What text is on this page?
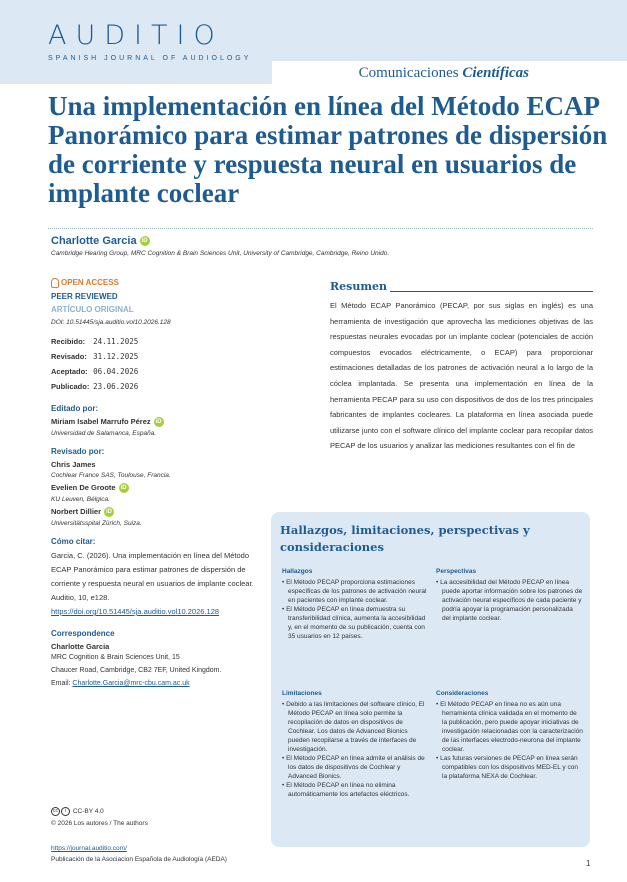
AUDITIO
SPANISH JOURNAL OF AUDIOLOGY
Comunicaciones Científicas
Una implementación en línea del Método ECAP Panorámico para estimar patrones de dispersión de corriente y respuesta neural en usuarios de implante coclear
Charlotte Garcia iD
Cambridge Hearing Group, MRC Cognition & Brain Sciences Unit, University of Cambridge, Cambridge, Reino Unido.
OPEN ACCESS
PEER REVIEWED
ARTÍCULO ORIGINAL
DOI: 10.51445/sja.auditio.vol10.2026.128
Recibido: 24.11.2025
Revisado: 31.12.2025
Aceptado: 06.04.2026
Publicado: 23.06.2026
Editado por:
Miriam Isabel Marrufo Pérez iD
Universidad de Salamanca, España.
Revisado por:
Chris James
Cochlear France SAS, Toulouse, Francia.
Evelien De Groote iD
KU Leuven, Bélgica.
Norbert Dillier iD
Universitätsspital Zürich, Suiza.
Cómo citar:
Garcia, C. (2026). Una implementación en línea del Método ECAP Panorámico para estimar patrones de dispersión de corriente y respuesta neural en usuarios de implante coclear. Auditio, 10, e128. https://doi.org/10.51445/sja.auditio.vol10.2026.128
Correspondence
Charlotte Garcia
MRC Cognition & Brain Sciences Unit, 15
Chaucer Road, Cambridge, CB2 7EF, United Kingdom.
Email: Charlotte.Garcia@mrc-cbu.cam.ac.uk
cc i CC-BY 4.0
© 2026 Los autores / The authors
https://journal.auditio.com/
Publicación de la Asociacion Española de Audiología (AEDA)	1
Resumen
El Método ECAP Panorámico (PECAP, por sus siglas en inglés) es una herramienta de investigación que aprovecha las mediciones objetivas de las respuestas neurales evocadas por un implante coclear (potenciales de acción compuestos evocados eléctricamente, o ECAP) para proporcionar estimaciones detalladas de los patrones de activación neural a lo largo de la cóclea implantada. Se presenta una implementación en línea de la herramienta PECAP para su uso con dispositivos de dos de los tres principales fabricantes de implantes cocleares. La plataforma en línea asociada puede utilizarse junto con el software clínico del implante coclear para recopilar datos PECAP de los usuarios y analizar las mediciones resultantes con el fin de
Hallazgos, limitaciones, perspectivas y consideraciones
Hallazgos
• El Método PECAP proporciona estimaciones específicas de los patrones de activación neural en pacientes con implante coclear.
• El Método PECAP en línea demuestra su transferibilidad clínica, aumenta la accesibilidad y, en el momento de su publicación, cuenta con 35 usuarios en 12 países.
Limitaciones
• Debido a las limitaciones del software clínico, El Método PECAP en línea solo permite la recopilación de datos en dispositivos de Cochlear. Los datos de Advanced Bionics pueden recopilarse a través de interfaces de investigación.
• El Método PECAP en línea admite el análisis de los datos de dispositivos de Cochlear y Advanced Bionics.
• El Método PECAP en línea no elimina automáticamente los artefactos eléctricos.
Perspectivas
• La accesibilidad del Método PECAP en línea puede aportar información sobre los patrones de activación neural específicos de cada paciente y podría apoyar la programación personalizada del implante coclear.
Consideraciones
• El Método PECAP en línea no es aún una herramienta clínica validada en el momento de la publicación, pero puede apoyar iniciativas de investigación relacionadas con la caracterización de las interfaces electrodo-neurona del implante coclear.
• Las futuras versiones de PECAP en línea serán compatibles con los dispositivos MED-EL y con la plataforma NEXA de Cochlear.
